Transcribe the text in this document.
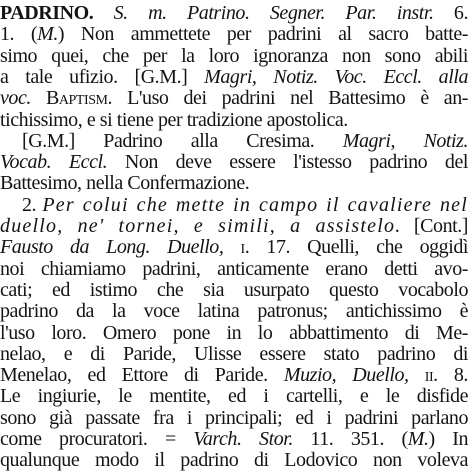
PADRINO. S. m. Patrino. Segner. Par. instr. 6.
1. (M.) Non ammettete per padrini al sacro batte-
simo quei, che per la loro ignoranza non sono abili
a tale ufizio. [G.M.] Magri, Notiz. Voc. Eccl. alla
voc. Baptism. L'uso dei padrini nel Battesimo è an-
tichissimo, e si tiene per tradizione apostolica.
[G.M.] Padrino alla Cresima. Magri, Notiz.
Vocab. Eccl. Non deve essere l'istesso padrino del
Battesimo, nella Confermazione.
2. Per colui che mette in campo il cavaliere nel
duello, ne' tornei, e simili, a assistelo. [Cont.]
Fausto da Long. Duello, i. 17. Quelli, che oggidì
noi chiamiamo padrini, anticamente erano detti avo-
cati; ed istimo che sia usurpato questo vocabolo
padrino da la voce latina patronus; antichissimo è
l'uso loro. Omero pone in lo abbattimento di Me-
nelao, e di Paride, Ulisse essere stato padrino di
Menelao, ed Ettore di Paride. Muzio, Duello, ii. 8.
Le ingiurie, le mentite, ed i cartelli, e le disfide
sono già passate fra i principali; ed i padrini parlano
come procuratori. = Varch. Stor. 11. 351. (M.) In
qualunque modo il padrino di Lodovico non voleva
